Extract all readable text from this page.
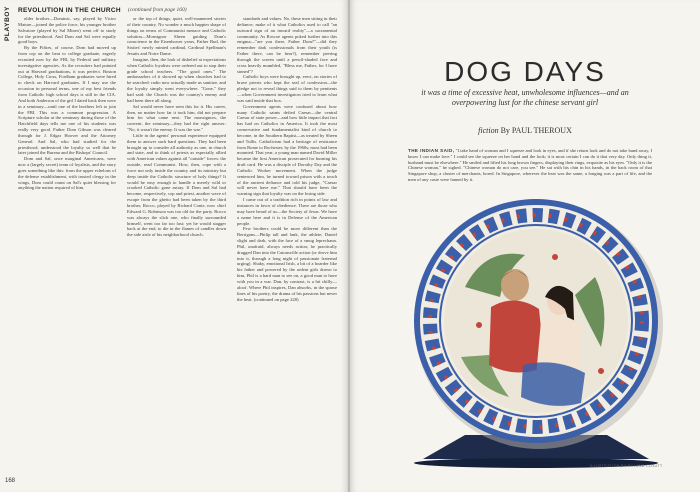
PLAYBOY REVOLUTION IN THE CHURCH (continued from page 160)

older brother—Dominic, say, played by Victor Mature—joined the police force, his younger brother Salvatore (played by Sal Mineo) went off to study for the priesthood. And Dom and Sal were equally good boys.

By the Fifties, of course, Dom had moved up from cop on the beat to college graduate, eagerly recruited now by the FBI, by Federal and military investigative agencies. As the recruiters had pointed out at Harvard graduations, it was perfect. Boston College, Holy Cross, Fordham graduates were hired to check on Harvard graduates. If I may use the occasion in personal terms, one of my best friends from Catholic high school days is still in the CIA. And both Anderson of the girl I dated back then were in a seminary—until one of the brothers left to join the FBI. This was a common progression. A Scripture scholar at the seminary during those of the Hatchfield days tells me one of his students was really very good. Father Dom Gibson was cleared through for J. Edgar Hoover and the Attorney General. And Sal, who had studied for the priesthood, understood the loyalty so well that he later joined the Bureau and the Bishops' Council.

Dom and Sal, once marginal Americans, were now a (largely secret) team of loyalists, and the story goes something like this: from the upper echelons of the defense establishment, with trusted clergy in the wings, Dom could count on Sal's quiet blessing for anything the nation required of him.

or the top of things, quiet, well-mannered stories of their country. No wonder a much happier shape of things on terms of Communist menace and Catholic solution—Monsignor Sheen guiding Dom's conscience in the Eisenhower years, Father Bud, the Sixties' newly minted cardinal, Cardinal Spellman's Jesuits and Notre Dame.

Imagine, then, the look of disbelief at expectations when Catholic loyalists were ordered out to stop their grade school teachers. "The good ones." The ambassadors of it showed up when churches had to be searched: radio now actually made us sanitize, and the loyalty simply went everywhere. "Gone," they had said: the Church was the country's enemy and had been there all along.

Sal would never have seen this for it. His career, then, no matter how far it took him, did not prepare him for what came next. The monsignors, the convent, the seminary—they had the right answer: "No, it wasn't the enemy. It was the war."

Little in the agents' personal experience equipped them to answer such hard questions. They had been brought up to consider all authority as one, in church and state, and to think of priests as especially allied with American values against all "outside" forces: the outside, read Communist. How, then, cope with a force not only inside the country and its ministry but deep inside the Catholic structure of holy things? It would be easy enough to handle a merely wild or crooked Catholic gone astray. If Dom and Sal had become, respectively, cop and priest, another wave of escape from the ghetto had been taken by the third brother, Rocco, played by Richard Conte, now chief Edward G. Robinson was too old for the party. Rocco was always the slick one, who finally surrounded himself, went too far too fast; yet he would stagger back at the end, to die in the flames of candles down the side aisle of his neighborhood church.

standards and values. No, these men sitting in their defiance, make of it what Catholics used to call "an outward sign of an inward reality"—a sacramental community. As Roscoe agents poked further into this enigma—"are you there, Father Dom?"—did they remember dark confessionals from their youth (is Father there, can he hear?), remember peering through the screen until a pencil-shaded face and cross heavily mumbled, "Bless me, Father, for I have sinned"?

Catholic boys were brought up, erect, on stories of brave priests who kept the seal of confession—the pledge not to reveal things said to them by penitents—when Government investigators tried to learn what was said inside that box.

Government agents were confused about how many Catholic saints defied Caesar—the central Caesar of state power—and how little impact that fact has had on Catholics in America. It took the most conservative and fundamentalist kind of church to become, in the Southern Baptist—as treated by Sheen and Tullis. Catholicism had a heritage of resistance from Rome to Rochester, by the 1960s; most had been mounted. That year, a young man named David Miller became the first American prosecuted for burning his draft card. He was a disciple of Dorothy Day and the Catholic Worker movement. When the judge sentenced him, he turned toward prison with a touch of the ancient defiance and told his judge, "Caesar will never have me." That should have been the warning sign that loyalty was on the losing side.

I came out of a tradition rich in points of law and instances in favor of obedience. There are those who may have heard of us—the Society of Jesus. We have a name here and it is in Defense of the American people.

Few brothers could be more different than the Berrigans—Philip tall and lank, the athlete; Daniel slight and dark, with the face of a smug leprechaun. Phil, unafraid, always needs action; he practically dragged Dan into the Catonsville action (or drove him into it, through a long night of passionate fraternal urging). Shaky, emotional Irish, a bit of a hoarder like his father and powered by the ardent girls drawn to him, Phil is a hard man to see on, a good man to have with you in a war. Dan, by contrast, is a bit chilly—aloof. Where Phil inspires, Dan absorbs, in the sparse lines of his poetry, the drama of his passions but never the heat. (continued on page 228)

168
DOG DAYS
it was a time of excessive heat, unwholesome influences—and an overpowering lust for the chinese servant girl
fiction By PAUL THEROUX
THE INDIAN SAID, "I take hand of woman and I squeeze and look in eyes, and if she return look and do not take hand away, I know I can make love." I could see the squeeze on her hand and the look; it is most certain I can do it that very day. Only thing it, husband must be elsewhere." He smiled and lifted his long brown fingers, displaying their rings, exquisite as his eyes. "Only it is the Chinese woman," he sighed. "Chinese woman do not care, you see." He sat with his chin in his hands, in the back room of that Singapore shop, a cluster of merchants, bored. In Singapore, wherever the heat was the same, a longing was a part of life, and the men of any caste were fanned by it.
ILLUSTRATION BY ROLAND CLOUTT
